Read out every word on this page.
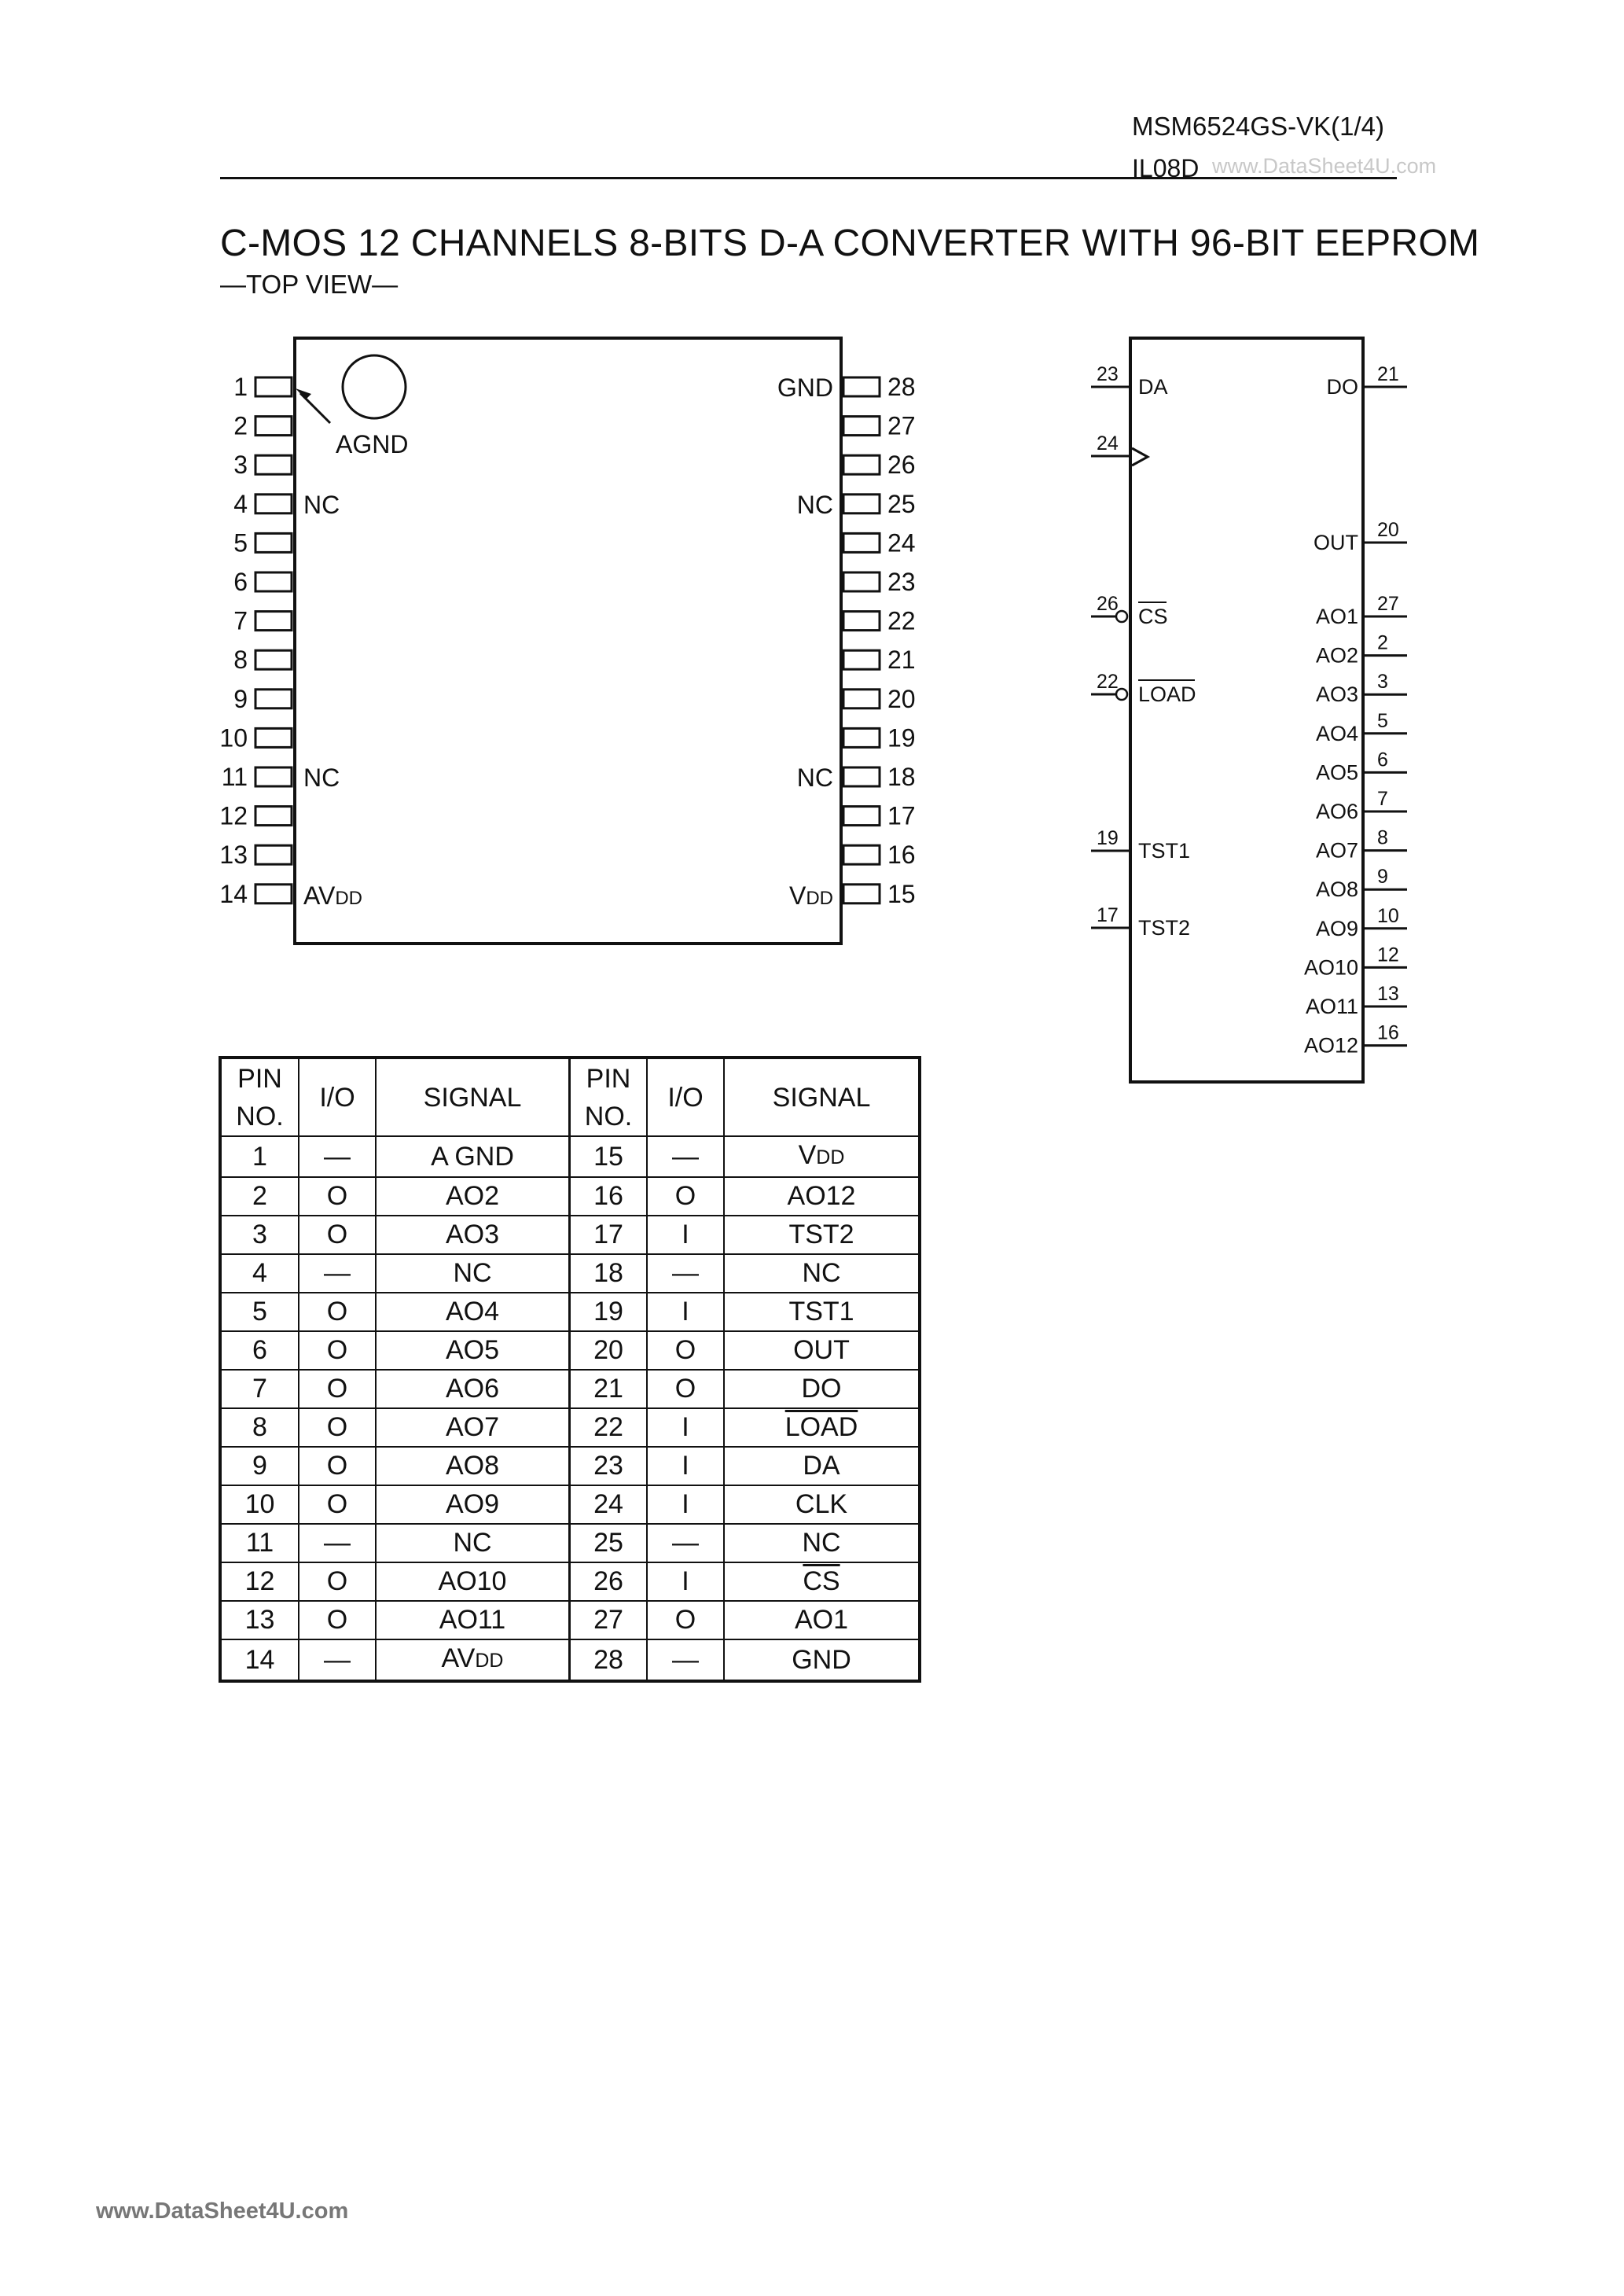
MSM6524GS-VK(1/4)
IL08D www.DataSheet4U.com
C-MOS 12 CHANNELS 8-BITS D-A CONVERTER WITH 96-BIT EEPROM
—TOP VIEW—
1
2
3
4
5
6
7
8
9
10
11
12
13
14
28
27
26
25
24
23
22
21
20
19
18
17
16
15
AGND
NC
NC
AVDD
GND
NC
NC
VDD
23
DA
24
26
CS
22
LOAD
19
TST1
17
TST2
21
DO
20
OUT
27
AO1
2
AO2
3
AO3
5
AO4
6
AO5
7
AO6
8
AO7
9
AO8
10
AO9
12
AO10
13
AO11
16
AO12
PIN
NO.	I/O	SIGNAL	PIN
NO.	I/O	SIGNAL
1	—	A GND	15	—	VDD
2	O	AO2	16	O	AO12
3	O	AO3	17	I	TST2
4	—	NC	18	—	NC
5	O	AO4	19	I	TST1
6	O	AO5	20	O	OUT
7	O	AO6	21	O	DO
8	O	AO7	22	I	LOAD
9	O	AO8	23	I	DA
10	O	AO9	24	I	CLK
11	—	NC	25	—	NC
12	O	AO10	26	I	$\overline{CS}$
13	O	AO11	27	O	AO1
14	—	AVDD	28	—	GND
www.DataSheet4U.com
